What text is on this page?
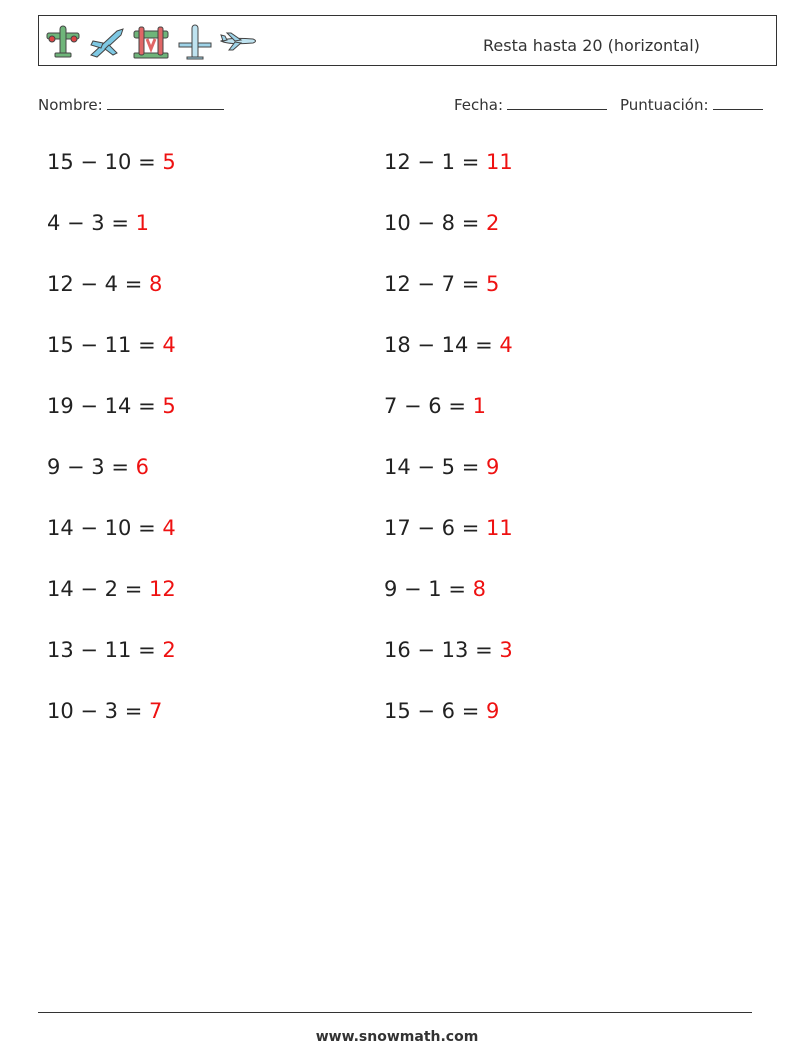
Resta hasta 20 (horizontal)
Nombre:	Fecha:	Puntuación:
15 − 10 = 5
4 − 3 = 1
12 − 4 = 8
15 − 11 = 4
19 − 14 = 5
9 − 3 = 6
14 − 10 = 4
14 − 2 = 12
13 − 11 = 2
10 − 3 = 7
12 − 1 = 11
10 − 8 = 2
12 − 7 = 5
18 − 14 = 4
7 − 6 = 1
14 − 5 = 9
17 − 6 = 11
9 − 1 = 8
16 − 13 = 3
15 − 6 = 9
www.snowmath.com
